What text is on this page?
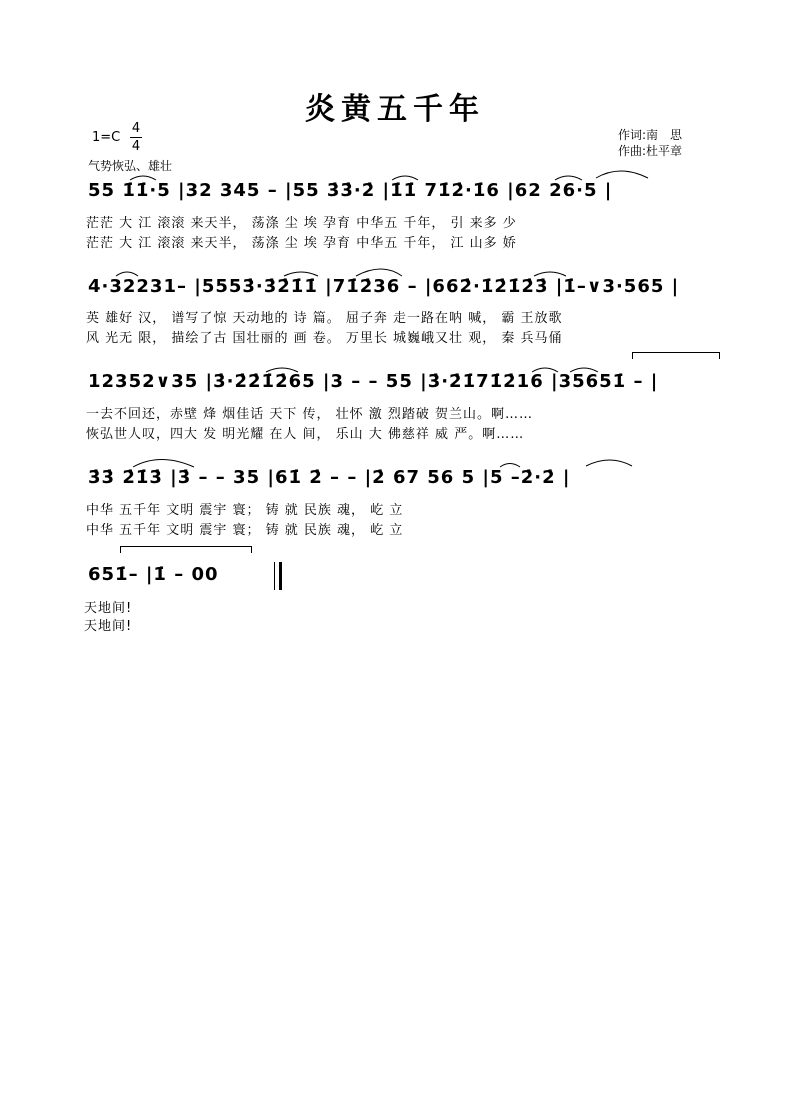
炎黄五千年
1=C
4
4
气势恢弘、雄壮
作词:南　思
作曲:杜平章
55 1̇1̇·5 |32 345 – |55 3̇3̇·2̇ |1̇1̇ 71̇2̇·1̇6 |62 26·5 |
茫茫 大 江 滚滚 来天半， 荡涤 尘 埃 孕育 中华五 千年， 引 来多 少
茫茫 大 江 滚滚 来天半， 荡涤 尘 埃 孕育 中华五 千年， 江 山多 娇
4·32231– |5553̇·3̇2̇1̇1̇ |71̇2̇36 – |662̇·1̇2̇1̇2̇3̇ |1̇–∨3·565 |
英 雄好 汉， 谱写了惊 天动地的 诗 篇。 屈子奔 走一路在呐 喊， 霸 王放歌
风 光无 限， 描绘了古 国壮丽的 画 卷。 万里长 城巍峨又壮 观， 秦 兵马俑
12352∨35 |3̇·2̇2̇1̇2̇65 |3 – – 55 |3̇·2̇1̇71̇2̇16 |35651̇ – |
一去不回还，赤壁 烽 烟佳话 天下 传， 壮怀 激 烈踏破 贺兰山。啊……
恢弘世人叹，四大 发 明光耀 在人 间， 乐山 大 佛慈祥 威 严。啊……
3̇3̇ 2̇1̇3̇ |3̇ – – 35 |61̇ 2̇ – – |2̇ 67 56 5 |5 –2̇·2̇ |
中华 五千年 文明 震宇 寰； 铸 就 民族 魂， 屹 立
中华 五千年 文明 震宇 寰； 铸 就 民族 魂， 屹 立
651̇– |1̇ – 00
天地间!
天地间!
